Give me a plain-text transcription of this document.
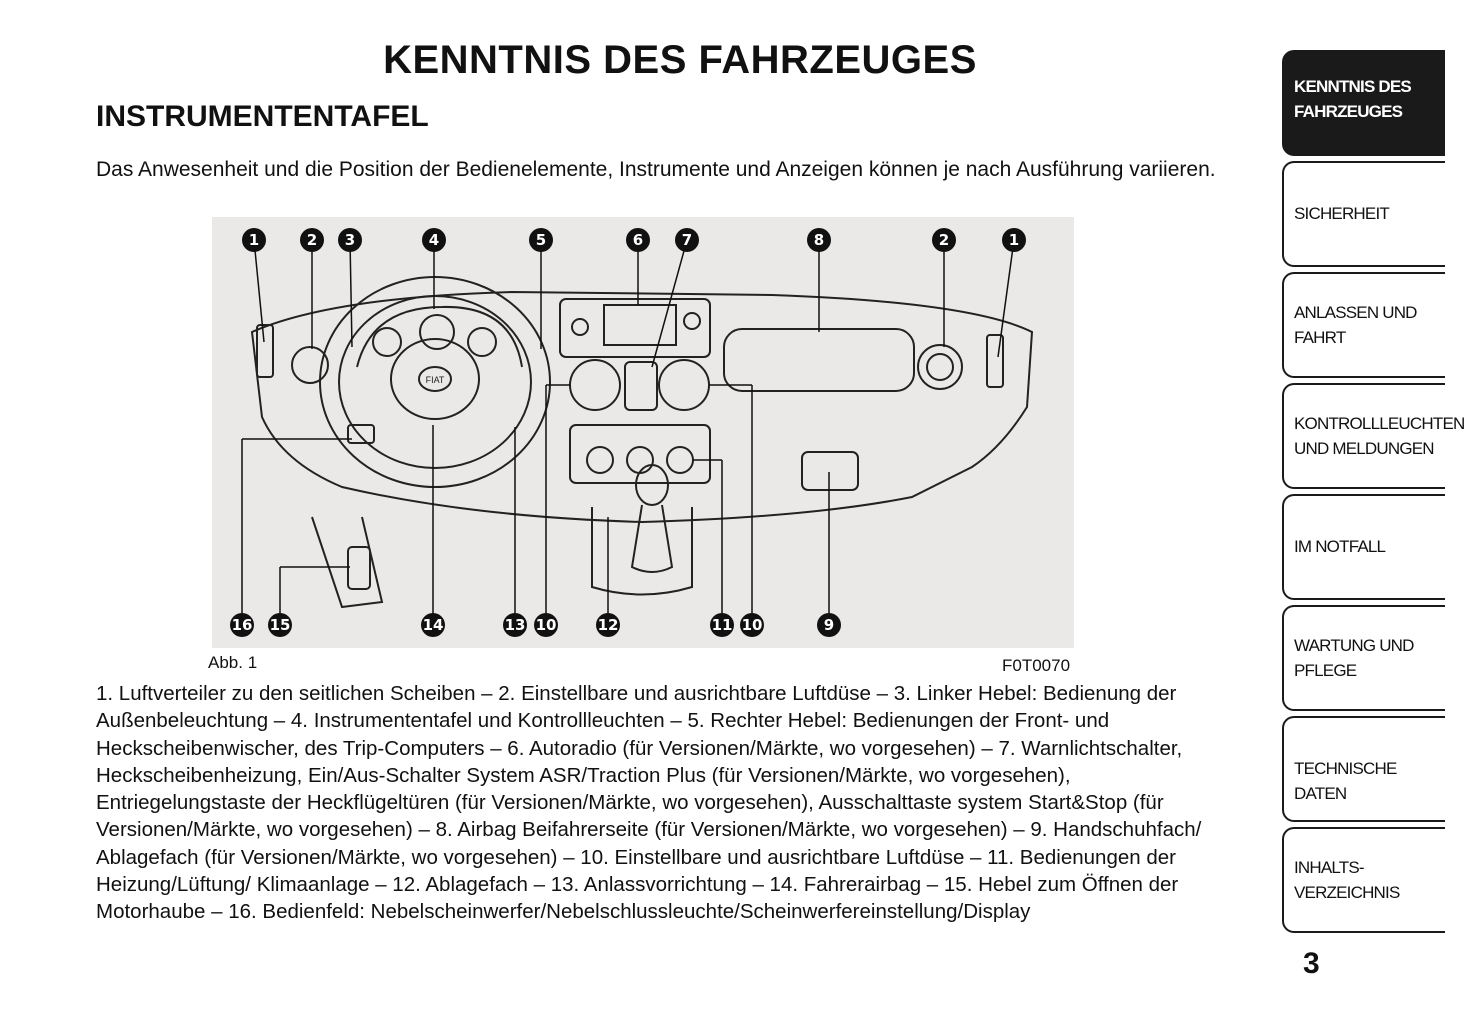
KENNTNIS DES FAHRZEUGES
INSTRUMENTENTAFEL

Das Anwesenheit und die Position der Bedienelemente, Instrumente und Anzeigen können je nach Ausführung variieren.

1	2 3	4	5	6	7	8	2	1
16 15	14	13 10	12	11 10	9
FIAT
Abb. 1	F0T0070

1. Luftverteiler zu den seitlichen Scheiben – 2. Einstellbare und ausrichtbare Luftdüse – 3. Linker Hebel: Bedienung der Außenbeleuchtung – 4. Instrumententafel und Kontrollleuchten – 5. Rechter Hebel: Bedienungen der Front- und Heckscheibenwischer, des Trip-Computers – 6. Autoradio (für Versionen/Märkte, wo vorgesehen) – 7. Warnlichtschalter, Heckscheibenheizung, Ein/Aus-Schalter System ASR/Traction Plus (für Versionen/Märkte, wo vorgesehen), Entriegelungstaste der Heckflügeltüren (für Versionen/Märkte, wo vorgesehen), Ausschalttaste system Start&Stop (für Versionen/Märkte, wo vorgesehen) – 8. Airbag Beifahrerseite (für Versionen/Märkte, wo vorgesehen) – 9. Handschuhfach/ Ablagefach (für Versionen/Märkte, wo vorgesehen) – 10. Einstellbare und ausrichtbare Luftdüse – 11. Bedienungen der Heizung/Lüftung/ Klimaanlage – 12. Ablagefach – 13. Anlassvorrichtung – 14. Fahrerairbag – 15. Hebel zum Öffnen der Motorhaube – 16. Bedienfeld: Nebelscheinwerfer/Nebelschlussleuchte/Scheinwerfereinstellung/Display

KENNTNIS DES
FAHRZEUGES
SICHERHEIT
ANLASSEN UND
FAHRT
KONTROLLLEUCHTEN
UND MELDUNGEN
IM NOTFALL
WARTUNG UND
PFLEGE
TECHNISCHE DATEN
INHALTS-
VERZEICHNIS
3
